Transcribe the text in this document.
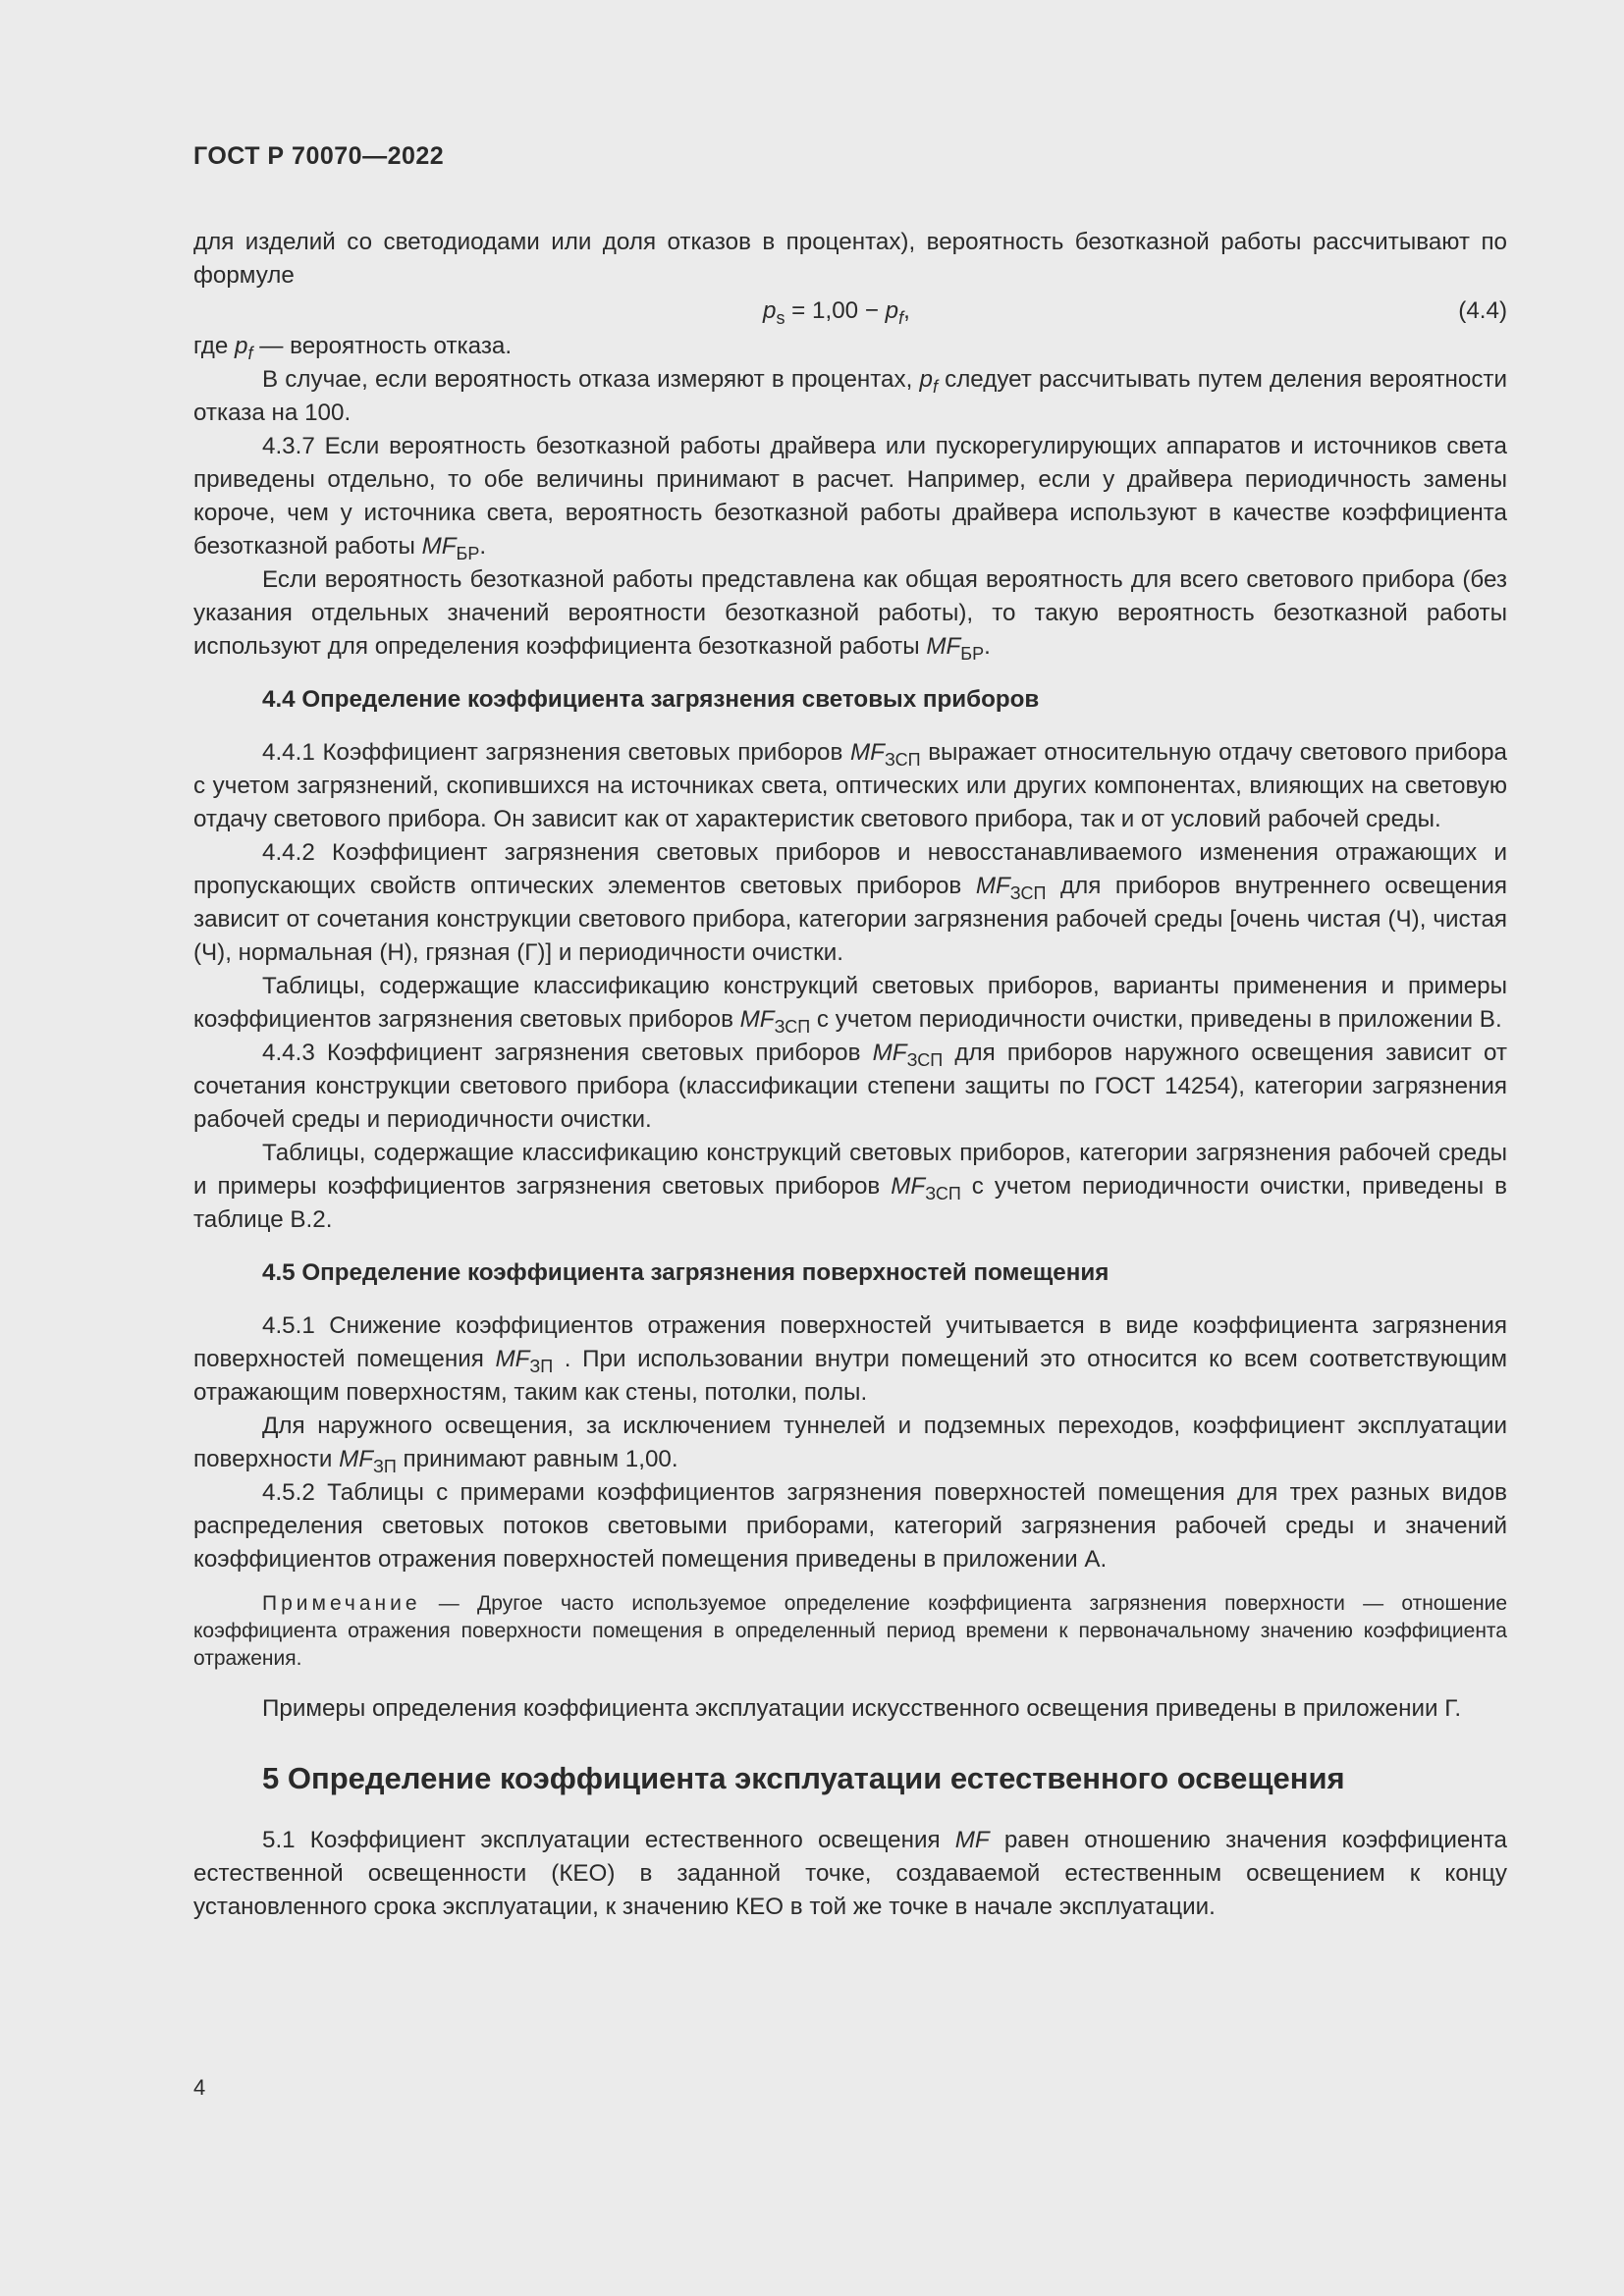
ГОСТ Р 70070—2022

для изделий со светодиодами или доля отказов в процентах), вероятность безотказной работы рассчитывают по формуле

$p_s = 1,00 - p_f$,	(4.4)

где $p_f$ — вероятность отказа.

В случае, если вероятность отказа измеряют в процентах, $p_f$ следует рассчитывать путем деления вероятности отказа на 100.

4.3.7 Если вероятность безотказной работы драйвера или пускорегулирующих аппаратов и источников света приведены отдельно, то обе величины принимают в расчет. Например, если у драйвера периодичность замены короче, чем у источника света, вероятность безотказной работы драйвера используют в качестве коэффициента безотказной работы $MF_{БР}$.

Если вероятность безотказной работы представлена как общая вероятность для всего светового прибора (без указания отдельных значений вероятности безотказной работы), то такую вероятность безотказной работы используют для определения коэффициента безотказной работы $MF_{БР}$.

4.4 Определение коэффициента загрязнения световых приборов

4.4.1 Коэффициент загрязнения световых приборов $MF_{ЗСП}$ выражает относительную отдачу светового прибора с учетом загрязнений, скопившихся на источниках света, оптических или других компонентах, влияющих на световую отдачу светового прибора. Он зависит как от характеристик светового прибора, так и от условий рабочей среды.

4.4.2 Коэффициент загрязнения световых приборов и невосстанавливаемого изменения отражающих и пропускающих свойств оптических элементов световых приборов $MF_{ЗСП}$ для приборов внутреннего освещения зависит от сочетания конструкции светового прибора, категории загрязнения рабочей среды [очень чистая (Ч), чистая (Ч), нормальная (Н), грязная (Г)] и периодичности очистки.

Таблицы, содержащие классификацию конструкций световых приборов, варианты применения и примеры коэффициентов загрязнения световых приборов $MF_{ЗСП}$ с учетом периодичности очистки, приведены в приложении В.

4.4.3 Коэффициент загрязнения световых приборов $MF_{ЗСП}$ для приборов наружного освещения зависит от сочетания конструкции светового прибора (классификации степени защиты по ГОСТ 14254), категории загрязнения рабочей среды и периодичности очистки.

Таблицы, содержащие классификацию конструкций световых приборов, категории загрязнения рабочей среды и примеры коэффициентов загрязнения световых приборов $MF_{ЗСП}$ с учетом периодичности очистки, приведены в таблице В.2.

4.5 Определение коэффициента загрязнения поверхностей помещения

4.5.1 Снижение коэффициентов отражения поверхностей учитывается в виде коэффициента загрязнения поверхностей помещения $MF_{ЗП}$ . При использовании внутри помещений это относится ко всем соответствующим отражающим поверхностям, таким как стены, потолки, полы.

Для наружного освещения, за исключением туннелей и подземных переходов, коэффициент эксплуатации поверхности $MF_{ЗП}$ принимают равным 1,00.

4.5.2 Таблицы с примерами коэффициентов загрязнения поверхностей помещения для трех разных видов распределения световых потоков световыми приборами, категорий загрязнения рабочей среды и значений коэффициентов отражения поверхностей помещения приведены в приложении А.

Примечание — Другое часто используемое определение коэффициента загрязнения поверхности — отношение коэффициента отражения поверхности помещения в определенный период времени к первоначальному значению коэффициента отражения.

Примеры определения коэффициента эксплуатации искусственного освещения приведены в приложении Г.

5 Определение коэффициента эксплуатации естественного освещения

5.1 Коэффициент эксплуатации естественного освещения MF равен отношению значения коэффициента естественной освещенности (КЕО) в заданной точке, создаваемой естественным освещением к концу установленного срока эксплуатации, к значению КЕО в той же точке в начале эксплуатации.

4
